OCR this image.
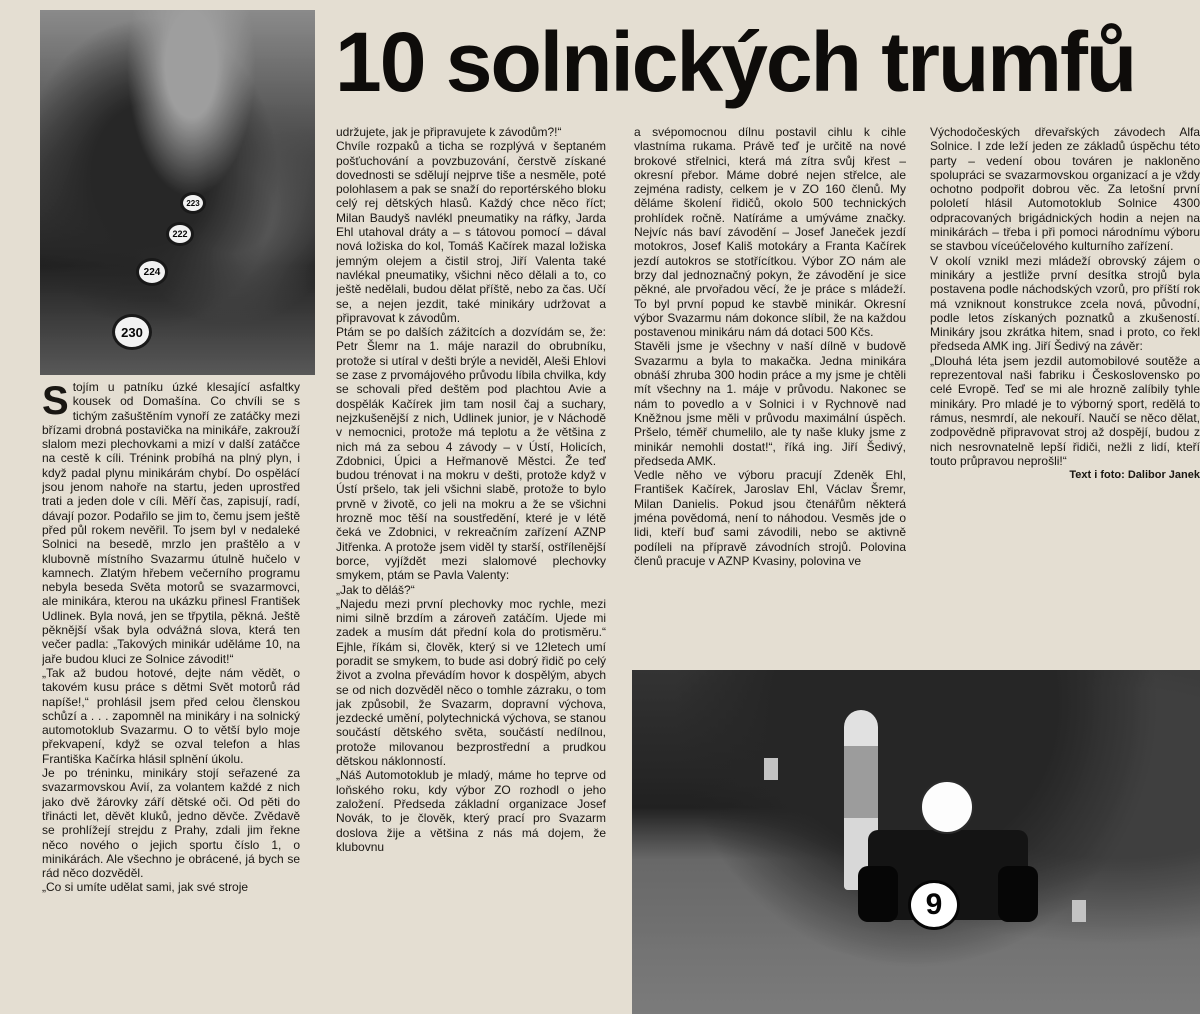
230
222
224
223
10 solnických trumfů

Stojím u patníku úzké klesající asfaltky kousek od Domašína. Co chvíli se s tichým zašuštěním vynoří ze zatáčky mezi břízami drobná postavička na minikáře, zakrouží slalom mezi plechovkami a mizí v další zatáčce na cestě k cíli. Trénink probíhá na plný plyn, i když padal plynu minikárám chybí. Do ospělácí jsou jenom nahoře na startu, jeden uprostřed trati a jeden dole v cíli. Měří čas, zapisují, radí, dávají pozor. Podařilo se jim to, čemu jsem ještě před půl rokem nevěřil. To jsem byl v nedaleké Solnici na besedě, mrzlo jen praštělo a v klubovně místního Svazarmu útulně hučelo v kamnech. Zlatým hřebem večerního programu nebyla beseda Světa motorů se svazarmovci, ale minikára, kterou na ukázku přinesl František Udlinek. Byla nová, jen se třpytila, pěkná. Ještě pěknější však byla odvážná slova, která ten večer padla: „Takových minikár uděláme 10, na jaře budou kluci ze Solnice závodit!“

„Tak až budou hotové, dejte nám vědět, o takovém kusu práce s dětmi Svět motorů rád napíše!,“ prohlásil jsem před celou členskou schůzí a . . . zapomněl na minikáry i na solnický automotoklub Svazarmu. O to větší bylo moje překvapení, když se ozval telefon a hlas Františka Kačírka hlásil splnění úkolu.

Je po tréninku, minikáry stojí seřazené za svazarmovskou Avií, za volantem každé z nich jako dvě žárovky září dětské oči. Od pěti do třinácti let, děvět kluků, jedno děvče. Zvědavě se prohlížejí strejdu z Prahy, zdali jim řekne něco nového o jejich sportu číslo 1, o minikárách. Ale všechno je obrácené, já bych se rád něco dozvěděl.

„Co si umíte udělat sami, jak své stroje

udržujete, jak je připravujete k závodům?!“

Chvíle rozpaků a ticha se rozplývá v šeptaném pošťuchování a povzbuzování, čerstvě získané dovednosti se sdělují nejprve tiše a nesměle, poté polohlasem a pak se snaží do reportérského bloku celý rej dětských hlasů. Každý chce něco říct; Milan Baudyš navlékl pneumatiky na ráfky, Jarda Ehl utahoval dráty a – s tátovou pomocí – dával nová ložiska do kol, Tomáš Kačírek mazal ložiska jemným olejem a čistil stroj, Jiří Valenta také navlékal pneumatiky, všichni něco dělali a to, co ještě nedělali, budou dělat příště, nebo za čas. Učí se, a nejen jezdit, také minikáry udržovat a připravovat k závodům.

Ptám se po dalších zážitcích a dozvídám se, že: Petr Šlemr na 1. máje narazil do obrubníku, protože si utíral v dešti brýle a neviděl, Aleši Ehlovi se zase z prvomájového průvodu líbila chvilka, kdy se schovali před deštěm pod plachtou Avie a dospělák Kačírek jim tam nosil čaj a suchary, nejzkušenější z nich, Udlinek junior, je v Náchodě v nemocnici, protože má teplotu a že většina z nich má za sebou 4 závody – v Ústí, Holicích, Zdobnici, Úpici a Heřmanově Městci. Že teď budou trénovat i na mokru v dešti, protože když v Ústí pršelo, tak jeli všichni slabě, protože to bylo prvně v životě, co jeli na mokru a že se všichni hrozně moc těší na soustředění, které je v létě čeká ve Zdobnici, v rekreačním zařízení AZNP Jitřenka. A protože jsem viděl ty starší, ostřílenější borce, vyjíždět mezi slalomové plechovky smykem, ptám se Pavla Valenty:

„Jak to děláš?“

„Najedu mezi první plechovky moc rychle, mezi nimi silně brzdím a zároveň zatáčím. Ujede mi zadek a musím dát přední kola do protisměru.“ Ejhle, říkám si, člověk, který si ve 12letech umí poradit se smykem, to bude asi dobrý řidič po celý život a zvolna převádím hovor k dospělým, abych se od nich dozvěděl něco o tomhle zázraku, o tom jak způsobil, že Svazarm, dopravní výchova, jezdecké umění, polytechnická výchova, se stanou součástí dětského světa, součástí nedílnou, protože milovanou bezprostřední a prudkou dětskou náklonností.

„Náš Automotoklub je mladý, máme ho teprve od loňského roku, kdy výbor ZO rozhodl o jeho založení. Předseda základní organizace Josef Novák, to je člověk, který prací pro Svazarm doslova žije a většina z nás má dojem, že klubovnu

a svépomocnou dílnu postavil cihlu k cihle vlastníma rukama. Právě teď je určitě na nové brokové střelnici, která má zítra svůj křest – okresní přebor. Máme dobré nejen střelce, ale zejména radisty, celkem je v ZO 160 členů. My děláme školení řidičů, okolo 500 technických prohlídek ročně. Natíráme a umýváme značky. Nejvíc nás baví závodění – Josef Janeček jezdí motokros, Josef Kališ motokáry a Franta Kačírek jezdí autokros se stotřícítkou. Výbor ZO nám ale brzy dal jednoznačný pokyn, že závodění je sice pěkné, ale prvořadou věcí, že je práce s mládeží. To byl první popud ke stavbě minikár. Okresní výbor Svazarmu nám dokonce slíbil, že na každou postavenou minikáru nám dá dotaci 500 Kčs.

Stavěli jsme je všechny v naší dílně v budově Svazarmu a byla to makačka. Jedna minikára obnáší zhruba 300 hodin práce a my jsme je chtěli mít všechny na 1. máje v průvodu. Nakonec se nám to povedlo a v Solnici i v Rychnově nad Kněžnou jsme měli v průvodu maximální úspěch. Pršelo, téměř chumelilo, ale ty naše kluky jsme z minikár nemohli dostat!“, říká ing. Jiří Šedivý, předseda AMK.

Vedle něho ve výboru pracují Zdeněk Ehl, František Kačírek, Jaroslav Ehl, Václav Šremr, Milan Danielis. Pokud jsou čtenářům některá jména povědomá, není to náhodou. Vesměs jde o lidi, kteří buď sami závodili, nebo se aktivně podíleli na přípravě závodních strojů. Polovina členů pracuje v AZNP Kvasiny, polovina ve

Východočeských dřevařských závodech Alfa Solnice. I zde leží jeden ze základů úspěchu této party – vedení obou továren je nakloněno spolupráci se svazarmovskou organizací a je vždy ochotno podpořit dobrou věc. Za letošní první pololetí hlásil Automotoklub Solnice 4300 odpracovaných brigádnických hodin a nejen na minikárách – třeba i při pomoci národnímu výboru se stavbou víceúčelového kulturního zařízení.

V okolí vznikl mezi mládeží obrovský zájem o minikáry a jestliže první desítka strojů byla postavena podle náchodských vzorů, pro příští rok má vzniknout konstrukce zcela nová, původní, podle letos získaných poznatků a zkušeností. Minikáry jsou zkrátka hitem, snad i proto, co řekl předseda AMK ing. Jiří Šedivý na závěr:

„Dlouhá léta jsem jezdil automobilové soutěže a reprezentoval naši fabriku i Československo po celé Evropě. Teď se mi ale hrozně zalíbily tyhle minikáry. Pro mladé je to výborný sport, redělá to rámus, nesmrdí, ale nekouří. Naučí se něco dělat, zodpovědně připravovat stroj až dospějí, budou z nich nesrovnatelně lepší řidiči, nežli z lidí, kteří touto průpravou neprošli!“

Text i foto: Dalibor Janek

9
